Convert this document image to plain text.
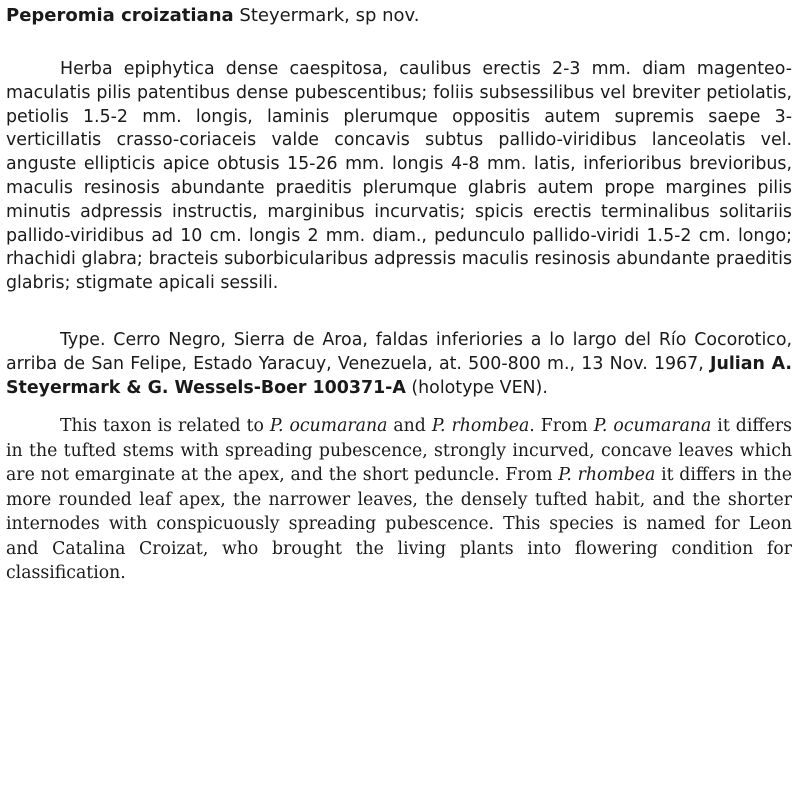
Peperomia croizatiana Steyermark, sp nov.

Herba epiphytica dense caespitosa, caulibus erectis 2-3 mm. diam magenteo-maculatis pilis patentibus dense pubescentibus; foliis subsessilibus vel breviter petiolatis, petiolis 1.5-2 mm. longis, laminis plerumque oppositis autem supremis saepe 3-verticillatis crasso-coriaceis valde concavis subtus pallido-viridibus lanceolatis vel. anguste ellipticis apice obtusis 15-26 mm. longis 4-8 mm. latis, inferioribus brevioribus, maculis resinosis abundante praeditis plerumque glabris autem prope margines pilis minutis adpressis instructis, marginibus incurvatis; spicis erectis terminalibus solitariis pallido-viridibus ad 10 cm. longis 2 mm. diam., pedunculo pallido-viridi 1.5-2 cm. longo; rhachidi glabra; bracteis suborbicularibus adpressis maculis resinosis abundante praeditis glabris; stigmate apicali sessili.

Type. Cerro Negro, Sierra de Aroa, faldas inferiories a lo largo del Río Cocorotico, arriba de San Felipe, Estado Yaracuy, Venezuela, at. 500-800 m., 13 Nov. 1967, Julian A. Steyermark & G. Wessels-Boer 100371-A (holotype VEN).

This taxon is related to P. ocumarana and P. rhombea. From P. ocumarana it differs in the tufted stems with spreading pubescence, strongly incurved, concave leaves which are not emarginate at the apex, and the short peduncle. From P. rhombea it differs in the more rounded leaf apex, the narrower leaves, the densely tufted habit, and the shorter internodes with conspicuously spreading pubescence. This species is named for Leon and Catalina Croizat, who brought the living plants into flowering condition for classification.
